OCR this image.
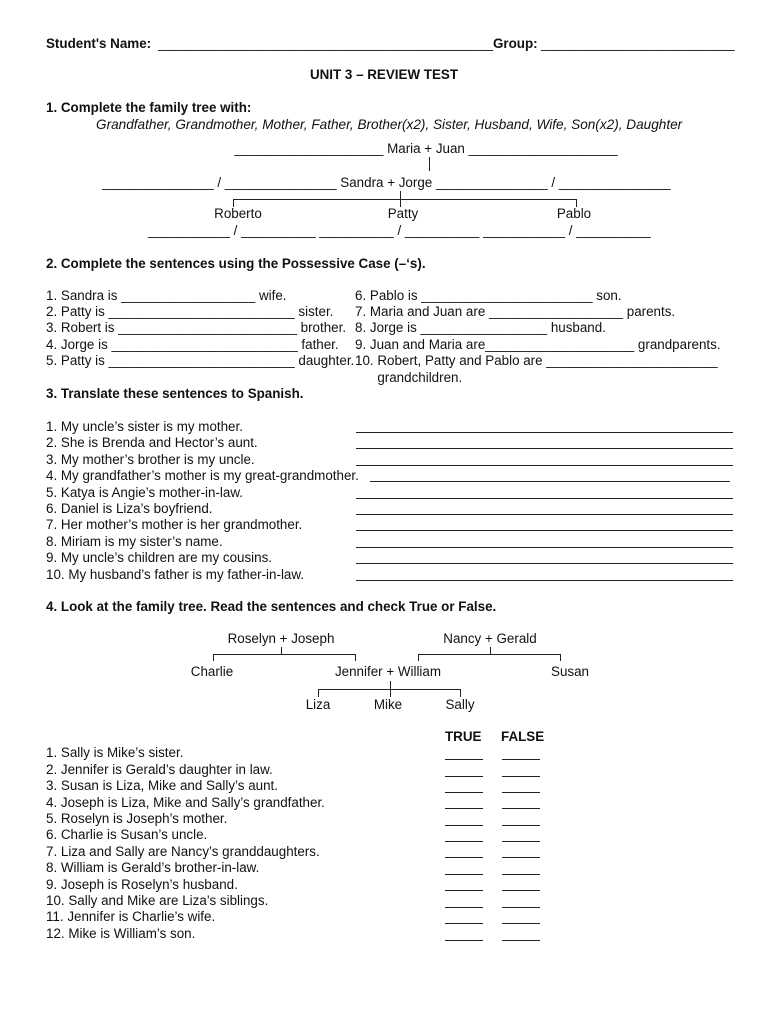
Student's Name: _____________________________________________ Group: __________________________
UNIT 3 – REVIEW TEST
1. Complete the family tree with:
Grandfather, Grandmother, Mother, Father, Brother(x2), Sister, Husband, Wife, Son(x2), Daughter
____________________ Maria + Juan ____________________
_______________ / _______________ Sandra + Jorge _______________ / _______________
Roberto	Patty	Pablo
___________ / __________ __________ / __________ ___________ / __________
2. Complete the sentences using the Possessive Case (–‘s).
1. Sandra is __________________ wife.
2. Patty is _________________________ sister.
3. Robert is ________________________ brother.
4. Jorge is _________________________ father.
5. Patty is _________________________ daughter.
6. Pablo is _______________________ son.
7. Maria and Juan are __________________ parents.
8. Jorge is _________________ husband.
9. Juan and Maria are____________________ grandparents.
10. Robert, Patty and Pablo are _______________________
grandchildren.
3. Translate these sentences to Spanish.
1. My uncle’s sister is my mother.
2. She is Brenda and Hector’s aunt.
3. My mother’s brother is my uncle.
4. My grandfather’s mother is my great-grandmother.
5. Katya is Angie’s mother-in-law.
6. Daniel is Liza’s boyfriend.
7. Her mother’s mother is her grandmother.
8. Miriam is my sister’s name.
9. My uncle’s children are my cousins.
10. My husband’s father is my father-in-law.
4. Look at the family tree. Read the sentences and check True or False.
Roselyn + Joseph	Nancy + Gerald
Charlie	Jennifer + William	Susan
Liza	Mike	Sally
TRUE FALSE
1. Sally is Mike’s sister.
2. Jennifer is Gerald’s daughter in law.
3. Susan is Liza, Mike and Sally’s aunt.
4. Joseph is Liza, Mike and Sally’s grandfather.
5. Roselyn is Joseph’s mother.
6. Charlie is Susan’s uncle.
7. Liza and Sally are Nancy’s granddaughters.
8. William is Gerald’s brother-in-law.
9. Joseph is Roselyn’s husband.
10. Sally and Mike are Liza’s siblings.
11. Jennifer is Charlie’s wife.
12. Mike is William’s son.
